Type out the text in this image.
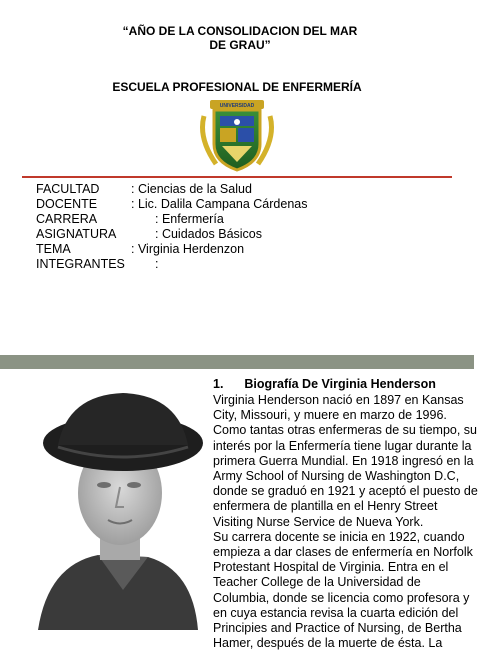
“AÑO DE LA CONSOLIDACION DEL MAR
DE GRAU”
ESCUELA PROFESIONAL DE ENFERMERÍA
UNIVERSIDAD
FACULTAD	: Ciencias de la Salud
DOCENTE	: Lic. Dalila Campana Cárdenas
CARRERA	: Enfermería
ASIGNATURA	: Cuidados Básicos
TEMA	: Virginia Herdenzon
INTEGRANTES :
1. Biografía De Virginia Henderson
Virginia Henderson nació en 1897 en Kansas
City, Missouri, y muere en marzo de 1996.
Como tantas otras enfermeras de su tiempo, su
interés por la Enfermería tiene lugar durante la
primera Guerra Mundial. En 1918 ingresó en la
Army School of Nursing de Washington D.C,
donde se graduó en 1921 y aceptó el puesto de
enfermera de plantilla en el Henry Street
Visiting Nurse Service de Nueva York.
Su carrera docente se inicia en 1922, cuando
empieza a dar clases de enfermería en Norfolk
Protestant Hospital de Virginia. Entra en el
Teacher College de la Universidad de
Columbia, donde se licencia como profesora y
en cuya estancia revisa la cuarta edición del
Principies and Practice of Nursing, de Bertha
Hamer, después de la muerte de ésta. La
